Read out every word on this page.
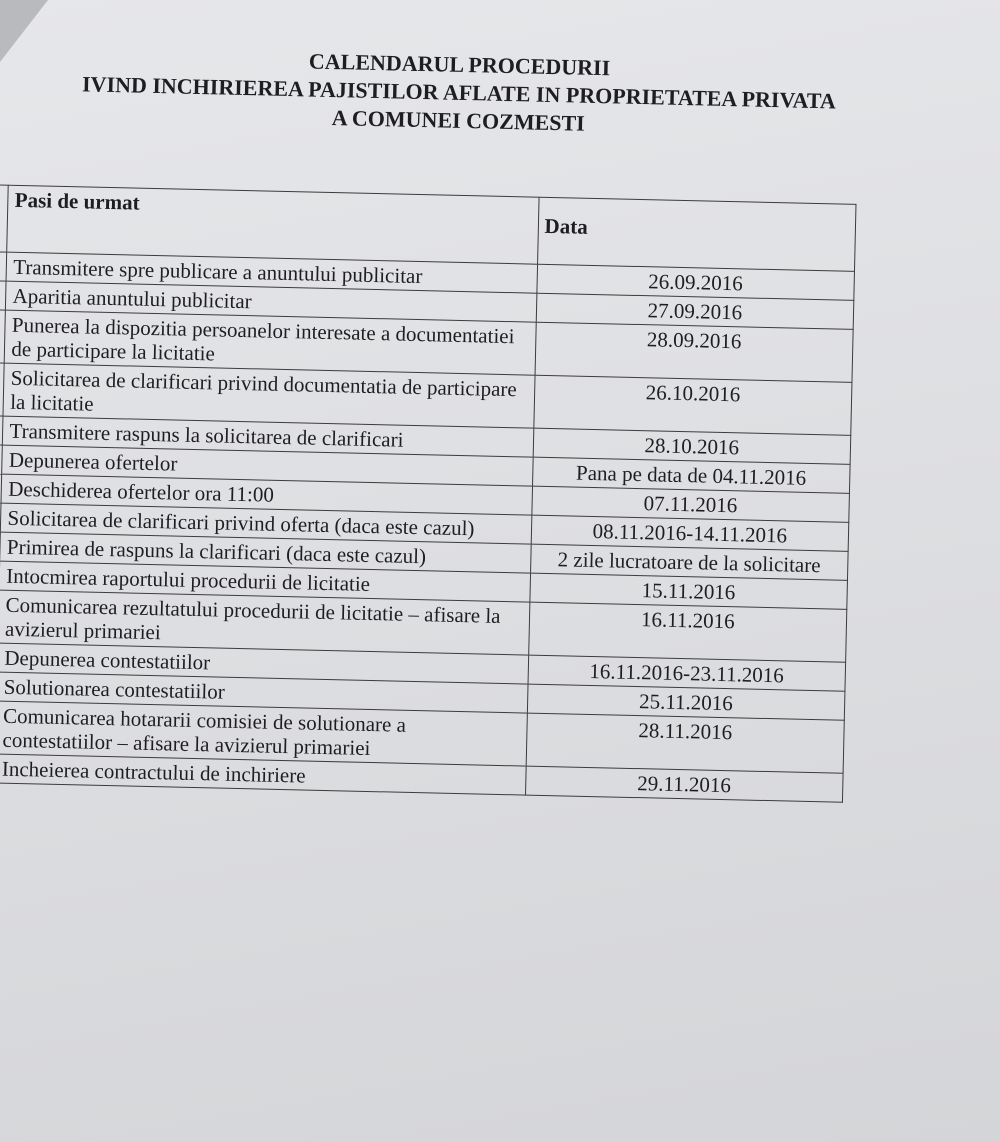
CALENDARUL PROCEDURII
IVIND INCHIRIEREA PAJISTILOR AFLATE IN PROPRIETATEA PRIVATA
A COMUNEI COZMESTI
	Pasi de urmat	Data
	Transmitere spre publicare a anuntului publicitar	26.09.2016
	Aparitia anuntului publicitar	27.09.2016
	Punerea la dispozitia persoanelor interesate a documentatiei de participare la licitatie	28.09.2016
	Solicitarea de clarificari privind documentatia de participare la licitatie	26.10.2016
	Transmitere raspuns la solicitarea de clarificari	28.10.2016
	Depunerea ofertelor	Pana pe data de 04.11.2016
	Deschiderea ofertelor ora 11:00	07.11.2016
	Solicitarea de clarificari privind oferta (daca este cazul)	08.11.2016-14.11.2016
	Primirea de raspuns la clarificari (daca este cazul)	2 zile lucratoare de la solicitare
	Intocmirea raportului procedurii de licitatie	15.11.2016
	Comunicarea rezultatului procedurii de licitatie – afisare la avizierul primariei	16.11.2016
	Depunerea contestatiilor	16.11.2016-23.11.2016
	Solutionarea contestatiilor	25.11.2016
	Comunicarea hotararii comisiei de solutionare a contestatiilor – afisare la avizierul primariei	28.11.2016
	Incheierea contractului de inchiriere	29.11.2016
